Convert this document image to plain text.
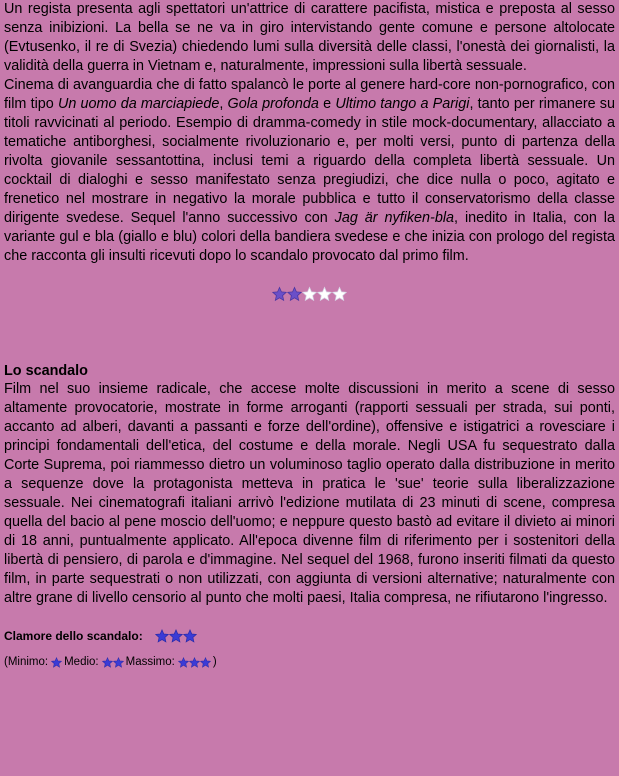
Un regista presenta agli spettatori un'attrice di carattere pacifista, mistica e preposta al sesso senza inibizioni. La bella se ne va in giro intervistando gente comune e persone altolocate (Evtusenko, il re di Svezia) chiedendo lumi sulla diversità delle classi, l'onestà dei giornalisti, la validità della guerra in Vietnam e, naturalmente, impressioni sulla libertà sessuale.

Cinema di avanguardia che di fatto spalancò le porte al genere hard-core non-pornografico, con film tipo Un uomo da marciapiede, Gola profonda e Ultimo tango a Parigi, tanto per rimanere su titoli ravvicinati al periodo. Esempio di dramma-comedy in stile mock-documentary, allacciato a tematiche antiborghesi, socialmente rivoluzionario e, per molti versi, punto di partenza della rivolta giovanile sessantottina, inclusi temi a riguardo della completa libertà sessuale. Un cocktail di dialoghi e sesso manifestato senza pregiudizi, che dice nulla o poco, agitato e frenetico nel mostrare in negativo la morale pubblica e tutto il conservatorismo della classe dirigente svedese. Sequel l'anno successivo con Jag är nyfiken-bla, inedito in Italia, con la variante gul e bla (giallo e blu) colori della bandiera svedese e che inizia con prologo del regista che racconta gli insulti ricevuti dopo lo scandalo provocato dal primo film.

Lo scandalo

Film nel suo insieme radicale, che accese molte discussioni in merito a scene di sesso altamente provocatorie, mostrate in forme arroganti (rapporti sessuali per strada, sui ponti, accanto ad alberi, davanti a passanti e forze dell'ordine), offensive e istigatrici a rovesciare i principi fondamentali dell'etica, del costume e della morale. Negli USA fu sequestrato dalla Corte Suprema, poi riammesso dietro un voluminoso taglio operato dalla distribuzione in merito a sequenze dove la protagonista metteva in pratica le 'sue' teorie sulla liberalizzazione sessuale. Nei cinematografi italiani arrivò l'edizione mutilata di 23 minuti di scene, compresa quella del bacio al pene moscio dell'uomo; e neppure questo bastò ad evitare il divieto ai minori di 18 anni, puntualmente applicato. All'epoca divenne film di riferimento per i sostenitori della libertà di pensiero, di parola e d'immagine. Nel sequel del 1968, furono inseriti filmati da questo film, in parte sequestrati o non utilizzati, con aggiunta di versioni alternative; naturalmente con altre grane di livello censorio al punto che molti paesi, Italia compresa, ne rifiutarono l'ingresso.

Clamore dello scandalo:
(Minimo: Medio: Massimo:	)
